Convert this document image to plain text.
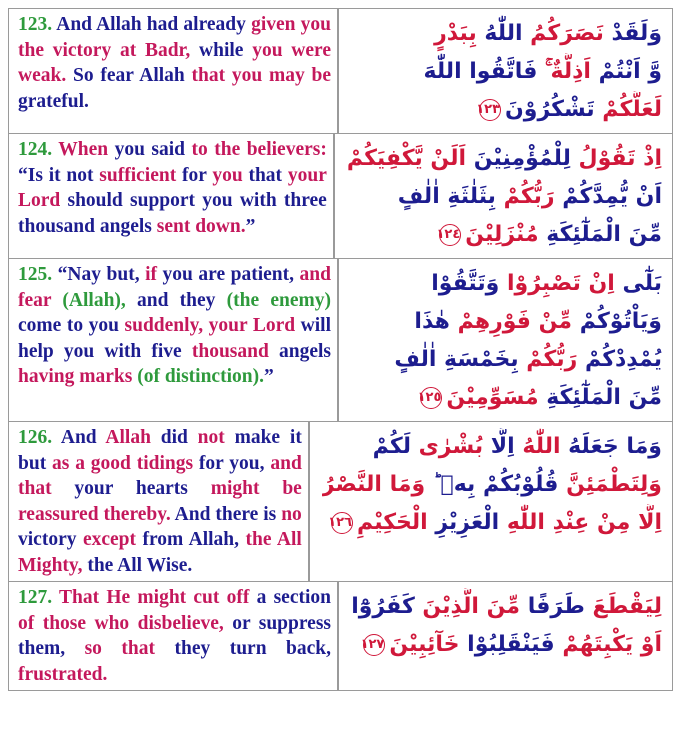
123. And Allah had already given you the victory at Badr, while you were weak. So fear Allah that you may be grateful.
وَلَقَدْ نَصَرَكُمُ اللّٰهُ بِبَدْرٍ
وَّ اَنْتُمْ اَذِلَّةٌ ۚ فَاتَّقُوا اللّٰهَ
لَعَلَّكُمْ تَشْكُرُوْنَ١٢٣
124. When you said to the believers: “Is it not sufficient for you that your Lord should support you with three thousand angels sent down.”
اِذْ تَقُوْلُ لِلْمُؤْمِنِيْنَ اَلَنْ يَّكْفِيَكُمْ
اَنْ يُّمِدَّكُمْ رَبُّكُمْ بِثَلٰثَةِ اٰلٰفٍ
مِّنَ الْمَلٰٓئِكَةِ مُنْزَلِيْنَ١٢٤
125. “Nay but, if you are patient, and fear (Allah), and they (the enemy) come to you suddenly, your Lord will help you with five thousand angels having marks (of distinction).”
بَلٰٓى اِنْ تَصْبِرُوْا وَتَتَّقُوْا
وَيَاْتُوْكُمْ مِّنْ فَوْرِهِمْ هٰذَا
يُمْدِدْكُمْ رَبُّكُمْ بِخَمْسَةِ اٰلٰفٍ
مِّنَ الْمَلٰٓئِكَةِ مُسَوِّمِيْنَ١٢٥
126. And Allah did not make it but as a good tidings for you, and that your hearts might be reassured thereby. And there is no victory except from Allah, the All Mighty, the All Wise.
وَمَا جَعَلَهُ اللّٰهُ اِلَّا بُشْرٰى لَكُمْ
وَلِتَطْمَئِنَّ قُلُوْبُكُمْ بِهٖ ؕ وَمَا النَّصْرُ
اِلَّا مِنْ عِنْدِ اللّٰهِ الْعَزِيْزِ الْحَكِيْمِ١٢٦
127. That He might cut off a section of those who disbelieve, or suppress them, so that they turn back, frustrated.
لِيَقْطَعَ طَرَفًا مِّنَ الَّذِيْنَ كَفَرُوْٓا
اَوْ يَكْبِتَهُمْ فَيَنْقَلِبُوْا خَآئِبِيْنَ١٢٧
